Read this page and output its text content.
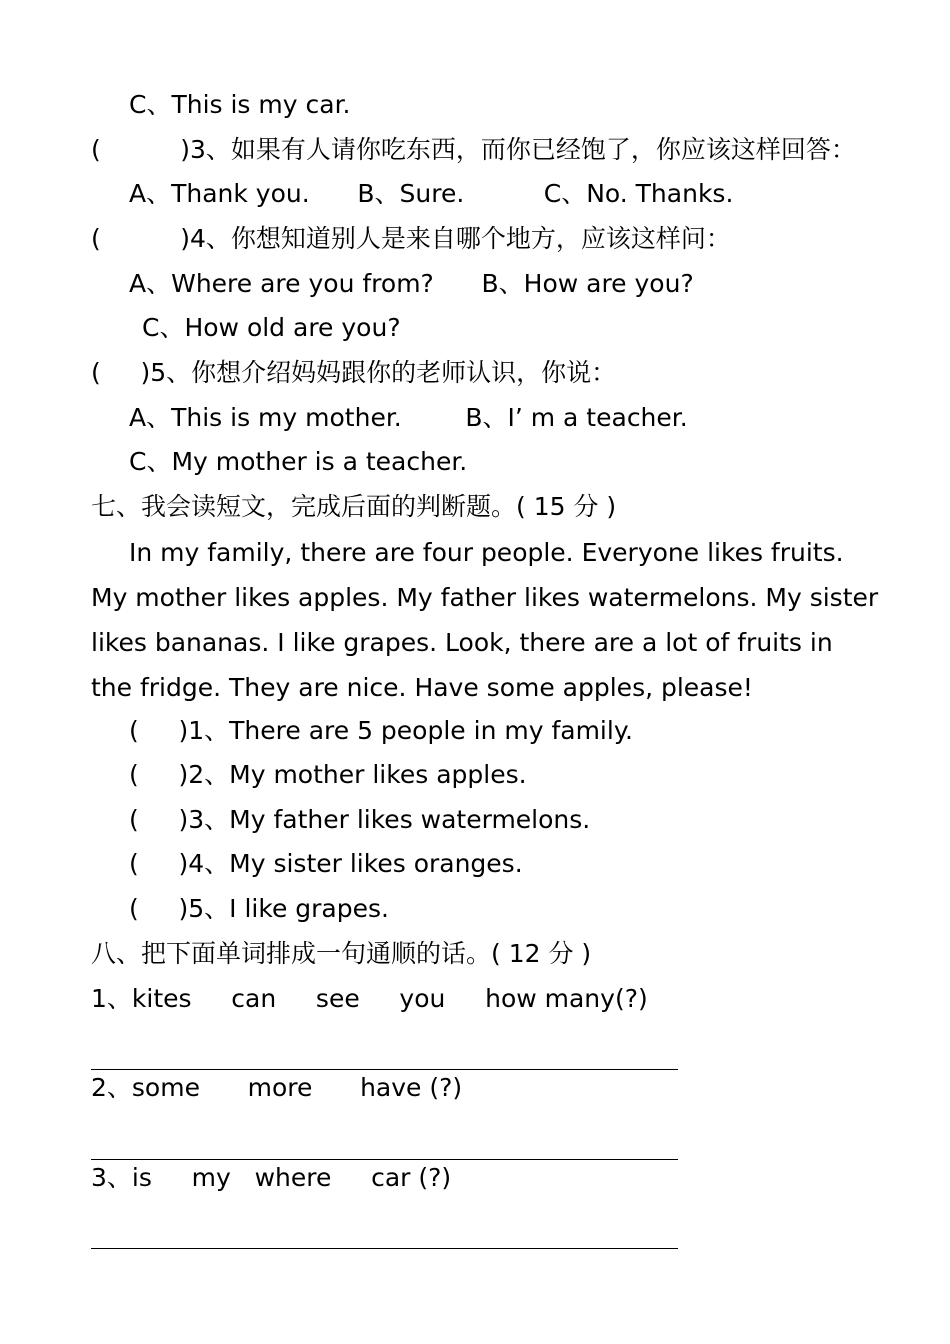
C、This is my car.
(          )3、如果有人请你吃东西，而你已经饱了，你应该这样回答：
A、Thank you.      B、Sure.          C、No. Thanks.
(          )4、你想知道别人是来自哪个地方，应该这样问：
A、Where are you from?      B、How are you?
C、How old are you?
(     )5、你想介绍妈妈跟你的老师认识，你说：
A、This is my mother.        B、I’ m a teacher.
C、My mother is a teacher.
七、我会读短文，完成后面的判断题。( 15 分 )
In my family, there are four people. Everyone likes fruits. My mother likes apples. My father likes watermelons. My sister likes bananas. I like grapes. Look, there are a lot of fruits in the fridge. They are nice. Have some apples, please!
(     )1、There are 5 people in my family.
(     )2、My mother likes apples.
(     )3、My father likes watermelons.
(     )4、My sister likes oranges.
(     )5、I like grapes.
八、把下面单词排成一句通顺的话。( 12 分 )
1、kites     can     see     you     how many(?)
2、some      more      have (?)
3、is     my   where     car (?)
